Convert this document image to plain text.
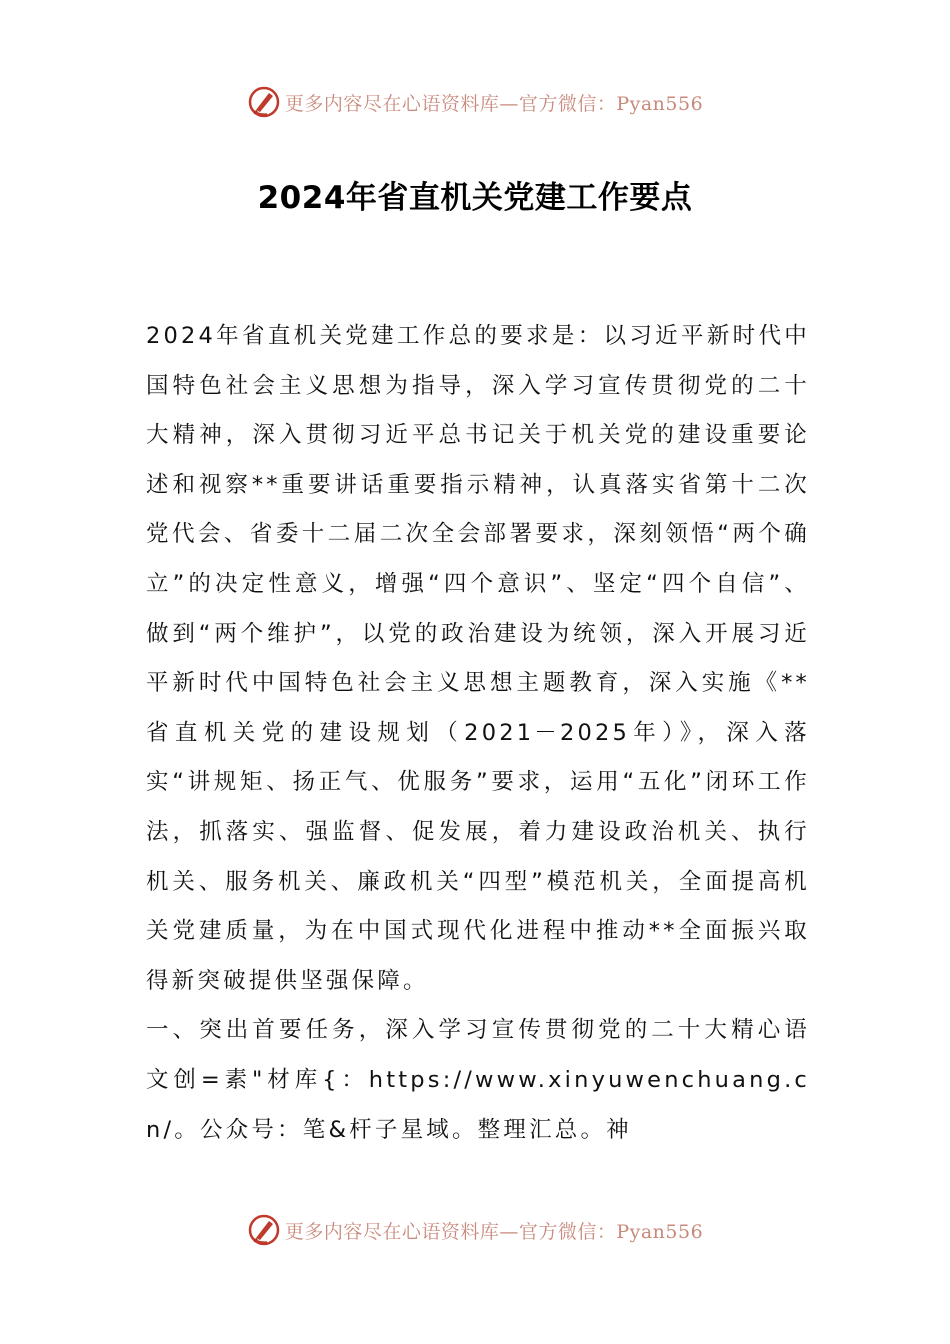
更多内容尽在心语资料库—官方微信：Pyan556
2024年省直机关党建工作要点

2024年省直机关党建工作总的要求是：以习近平新时代中国特色社会主义思想为指导，深入学习宣传贯彻党的二十大精神，深入贯彻习近平总书记关于机关党的建设重要论述和视察**重要讲话重要指示精神，认真落实省第十二次党代会、省委十二届二次全会部署要求，深刻领悟“两个确立”的决定性意义，增强“四个意识”、坚定“四个自信”、做到“两个维护”，以党的政治建设为统领，深入开展习近平新时代中国特色社会主义思想主题教育，深入实施《**省直机关党的建设规划（2021－2025年）》，深入落实“讲规矩、扬正气、优服务”要求，运用“五化”闭环工作法，抓落实、强监督、促发展，着力建设政治机关、执行机关、服务机关、廉政机关“四型”模范机关，全面提高机关党建质量，为在中国式现代化进程中推动**全面振兴取得新突破提供坚强保障。

一、突出首要任务，深入学习宣传贯彻党的二十大精心语文创=素"材库{：https://www.xinyuwenchuang.cn/。公众号：笔&杆子星域。整理汇总。神

更多内容尽在心语资料库—官方微信：Pyan556
